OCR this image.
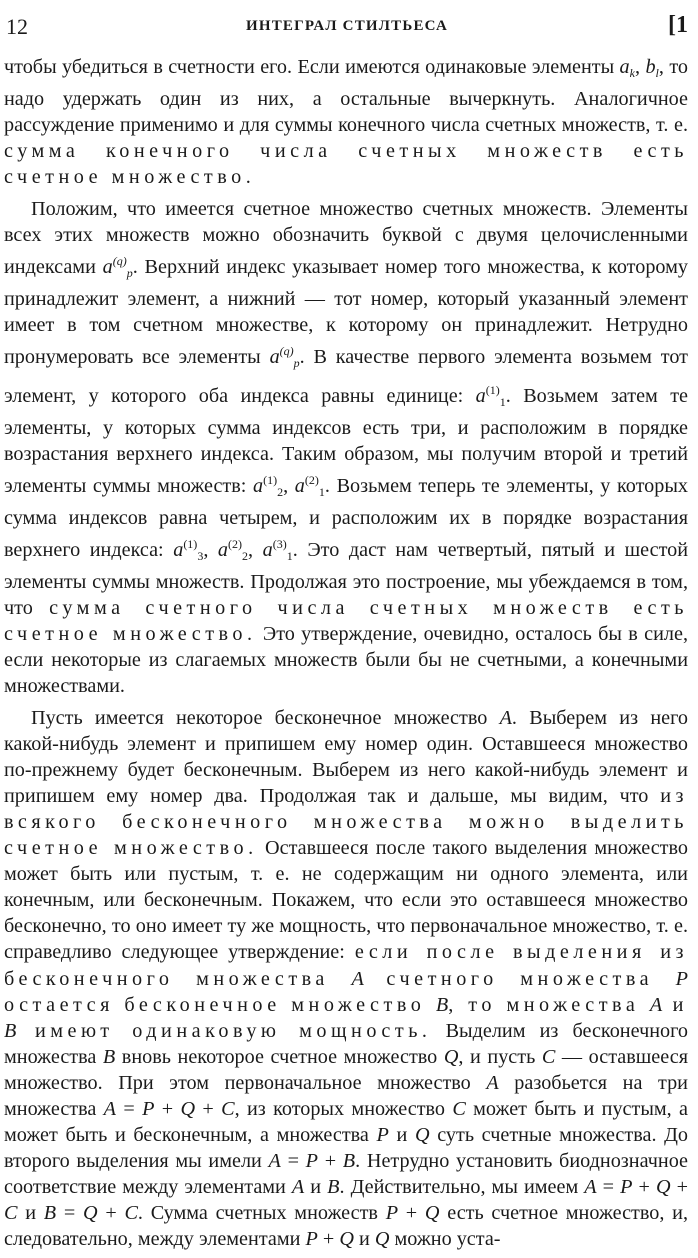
12	ИНТЕГРАЛ СТИЛТЬЕСА	[1

чтобы убедиться в счетности его. Если имеются одинаковые элементы $a_k$, $b_l$, то надо удержать один из них, а остальные вычеркнуть. Аналогичное рассуждение применимо и для суммы конечного числа счетных множеств, т. е. сумма конечного числа счетных множеств есть счетное множество.

Положим, что имеется счетное множество счетных множеств. Элементы всех этих множеств можно обозначить буквой с двумя целочисленными индексами $a^{(q)}_p$. Верхний индекс указывает номер того множества, к которому принадлежит элемент, а нижний — тот номер, который указанный элемент имеет в том счетном множестве, к которому он принадлежит. Нетрудно пронумеровать все элементы $a^{(q)}_p$. В качестве первого элемента возьмем тот элемент, у которого оба индекса равны единице: $a^{(1)}_1$. Возьмем затем те элементы, у которых сумма индексов есть три, и расположим в порядке возрастания верхнего индекса. Таким образом, мы получим второй и третий элементы суммы множеств: $a^{(1)}_2$, $a^{(2)}_1$. Возьмем теперь те элементы, у которых сумма индексов равна четырем, и расположим их в порядке возрастания верхнего индекса: $a^{(1)}_3$, $a^{(2)}_2$, $a^{(3)}_1$. Это даст нам четвертый, пятый и шестой элементы суммы множеств. Продолжая это построение, мы убеждаемся в том, что сумма счетного числа счетных множеств есть счетное множество. Это утверждение, очевидно, осталось бы в силе, если некоторые из слагаемых множеств были бы не счетными, а конечными множествами.

Пусть имеется некоторое бесконечное множество A. Выберем из него какой-нибудь элемент и припишем ему номер один. Оставшееся множество по-прежнему будет бесконечным. Выберем из него какой-нибудь элемент и припишем ему номер два. Продолжая так и дальше, мы видим, что из всякого бесконечного множества можно выделить счетное множество. Оставшееся после такого выделения множество может быть или пустым, т. е. не содержащим ни одного элемента, или конечным, или бесконечным. Покажем, что если это оставшееся множество бесконечно, то оно имеет ту же мощность, что первоначальное множество, т. е. справедливо следующее утверждение: если после выделения из бесконечного множества A счетного множества P остается бесконечное множество B, то множества A и B имеют одинаковую мощность. Выделим из бесконечного множества B вновь некоторое счетное множество Q, и пусть C — оставшееся множество. При этом первоначальное множество A разобьется на три множества A = P + Q + C, из которых множество C может быть и пустым, а может быть и бесконечным, а множества P и Q суть счетные множества. До второго выделения мы имели A = P + B. Нетрудно установить биоднозначное соответствие между элементами A и B. Действительно, мы имеем A = P + Q + C и B = Q + C. Сумма счетных множеств P + Q есть счетное множество, и, следовательно, между элементами P + Q и Q можно уста-
